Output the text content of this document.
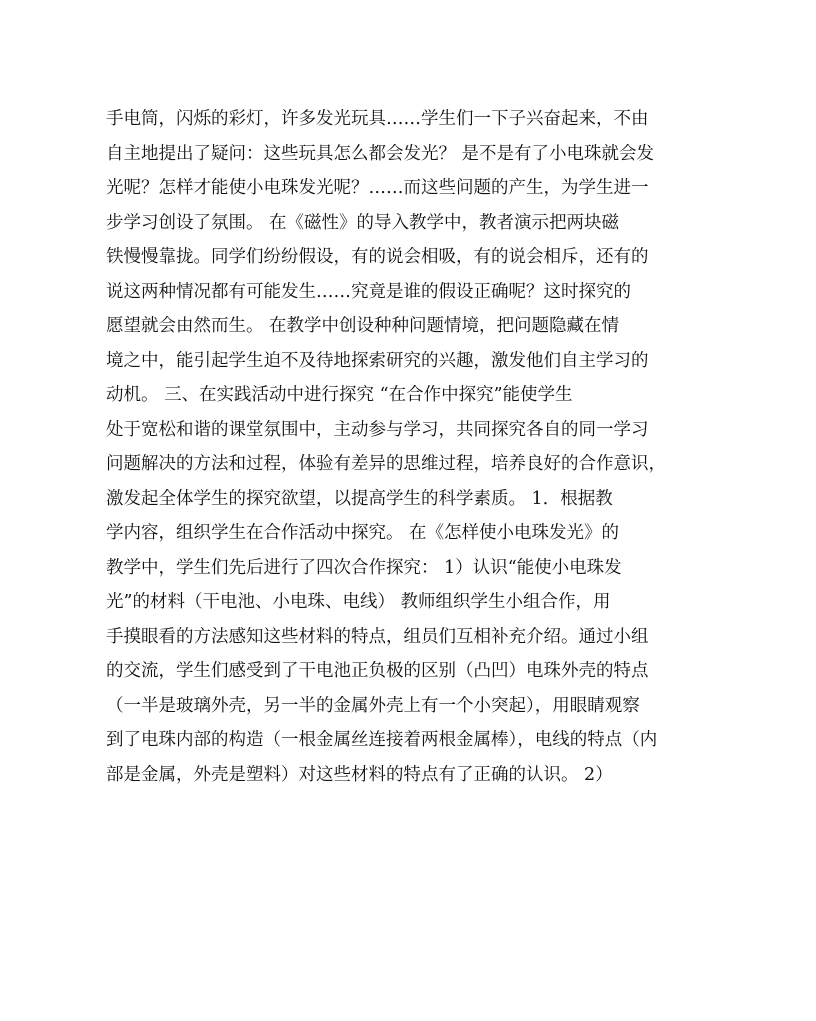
手电筒，闪烁的彩灯，许多发光玩具……学生们一下子兴奋起来，不由
自主地提出了疑问：这些玩具怎么都会发光？ 是不是有了小电珠就会发
光呢？怎样才能使小电珠发光呢？……而这些问题的产生，为学生进一
步学习创设了氛围。 在《磁性》的导入教学中，教者演示把两块磁
铁慢慢靠拢。同学们纷纷假设，有的说会相吸，有的说会相斥，还有的
说这两种情况都有可能发生……究竟是谁的假设正确呢？这时探究的
愿望就会由然而生。 在教学中创设种种问题情境，把问题隐藏在情
境之中，能引起学生迫不及待地探索研究的兴趣，激发他们自主学习的
动机。 三、在实践活动中进行探究 “在合作中探究”能使学生
处于宽松和谐的课堂氛围中，主动参与学习，共同探究各自的同一学习
问题解决的方法和过程，体验有差异的思维过程，培养良好的合作意识，
激发起全体学生的探究欲望，以提高学生的科学素质。 1．根据教
学内容，组织学生在合作活动中探究。 在《怎样使小电珠发光》的
教学中，学生们先后进行了四次合作探究： 1）认识“能使小电珠发
光”的材料（干电池、小电珠、电线） 教师组织学生小组合作，用
手摸眼看的方法感知这些材料的特点，组员们互相补充介绍。通过小组
的交流，学生们感受到了干电池正负极的区别（凸凹）电珠外壳的特点
（一半是玻璃外壳，另一半的金属外壳上有一个小突起），用眼睛观察
到了电珠内部的构造（一根金属丝连接着两根金属棒），电线的特点（内
部是金属，外壳是塑料）对这些材料的特点有了正确的认识。 2）
